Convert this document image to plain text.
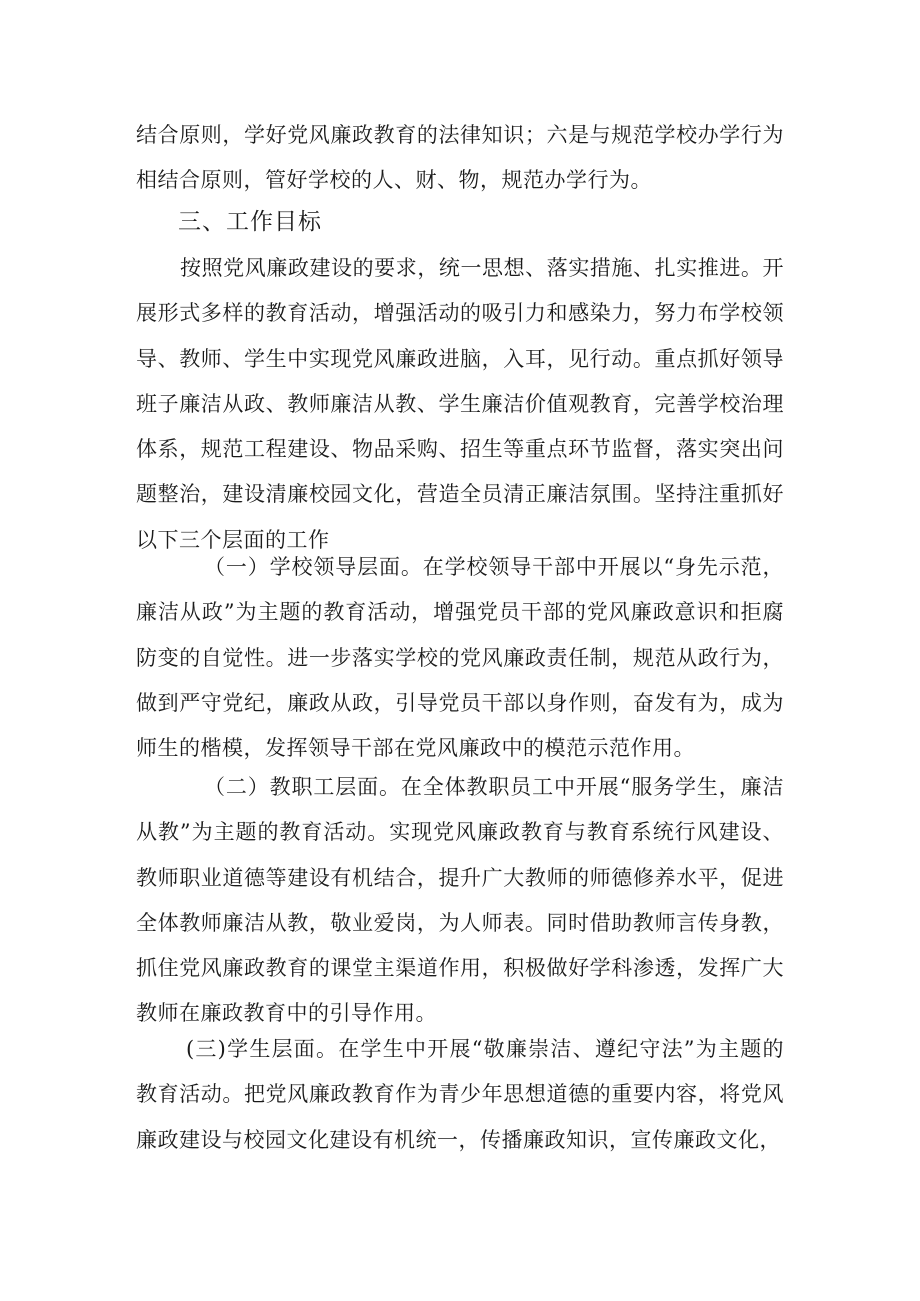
结合原则，学好党风廉政教育的法律知识；六是与规范学校办学行为相结合原则，管好学校的人、财、物，规范办学行为。

三、工作目标

按照党风廉政建设的要求，统一思想、落实措施、扎实推进。开展形式多样的教育活动，增强活动的吸引力和感染力，努力布学校领导、教师、学生中实现党风廉政进脑，入耳，见行动。重点抓好领导班子廉洁从政、教师廉洁从教、学生廉洁价值观教育，完善学校治理体系，规范工程建设、物品采购、招生等重点环节监督，落实突出问题整治，建设清廉校园文化，营造全员清正廉洁氛围。坚持注重抓好以下三个层面的工作

（一）学校领导层面。在学校领导干部中开展以“身先示范，廉洁从政”为主题的教育活动，增强党员干部的党风廉政意识和拒腐防变的自觉性。进一步落实学校的党风廉政责任制，规范从政行为，做到严守党纪，廉政从政，引导党员干部以身作则，奋发有为，成为师生的楷模，发挥领导干部在党风廉政中的模范示范作用。

（二）教职工层面。在全体教职员工中开展“服务学生，廉洁从教”为主题的教育活动。实现党风廉政教育与教育系统行风建设、教师职业道德等建设有机结合，提升广大教师的师德修养水平，促进全体教师廉洁从教，敬业爱岗，为人师表。同时借助教师言传身教，抓住党风廉政教育的课堂主渠道作用，积极做好学科渗透，发挥广大教师在廉政教育中的引导作用。

(三)学生层面。在学生中开展“敬廉崇洁、遵纪守法”为主题的教育活动。把党风廉政教育作为青少年思想道德的重要内容，将党风廉政建设与校园文化建设有机统一，传播廉政知识，宣传廉政文化，
